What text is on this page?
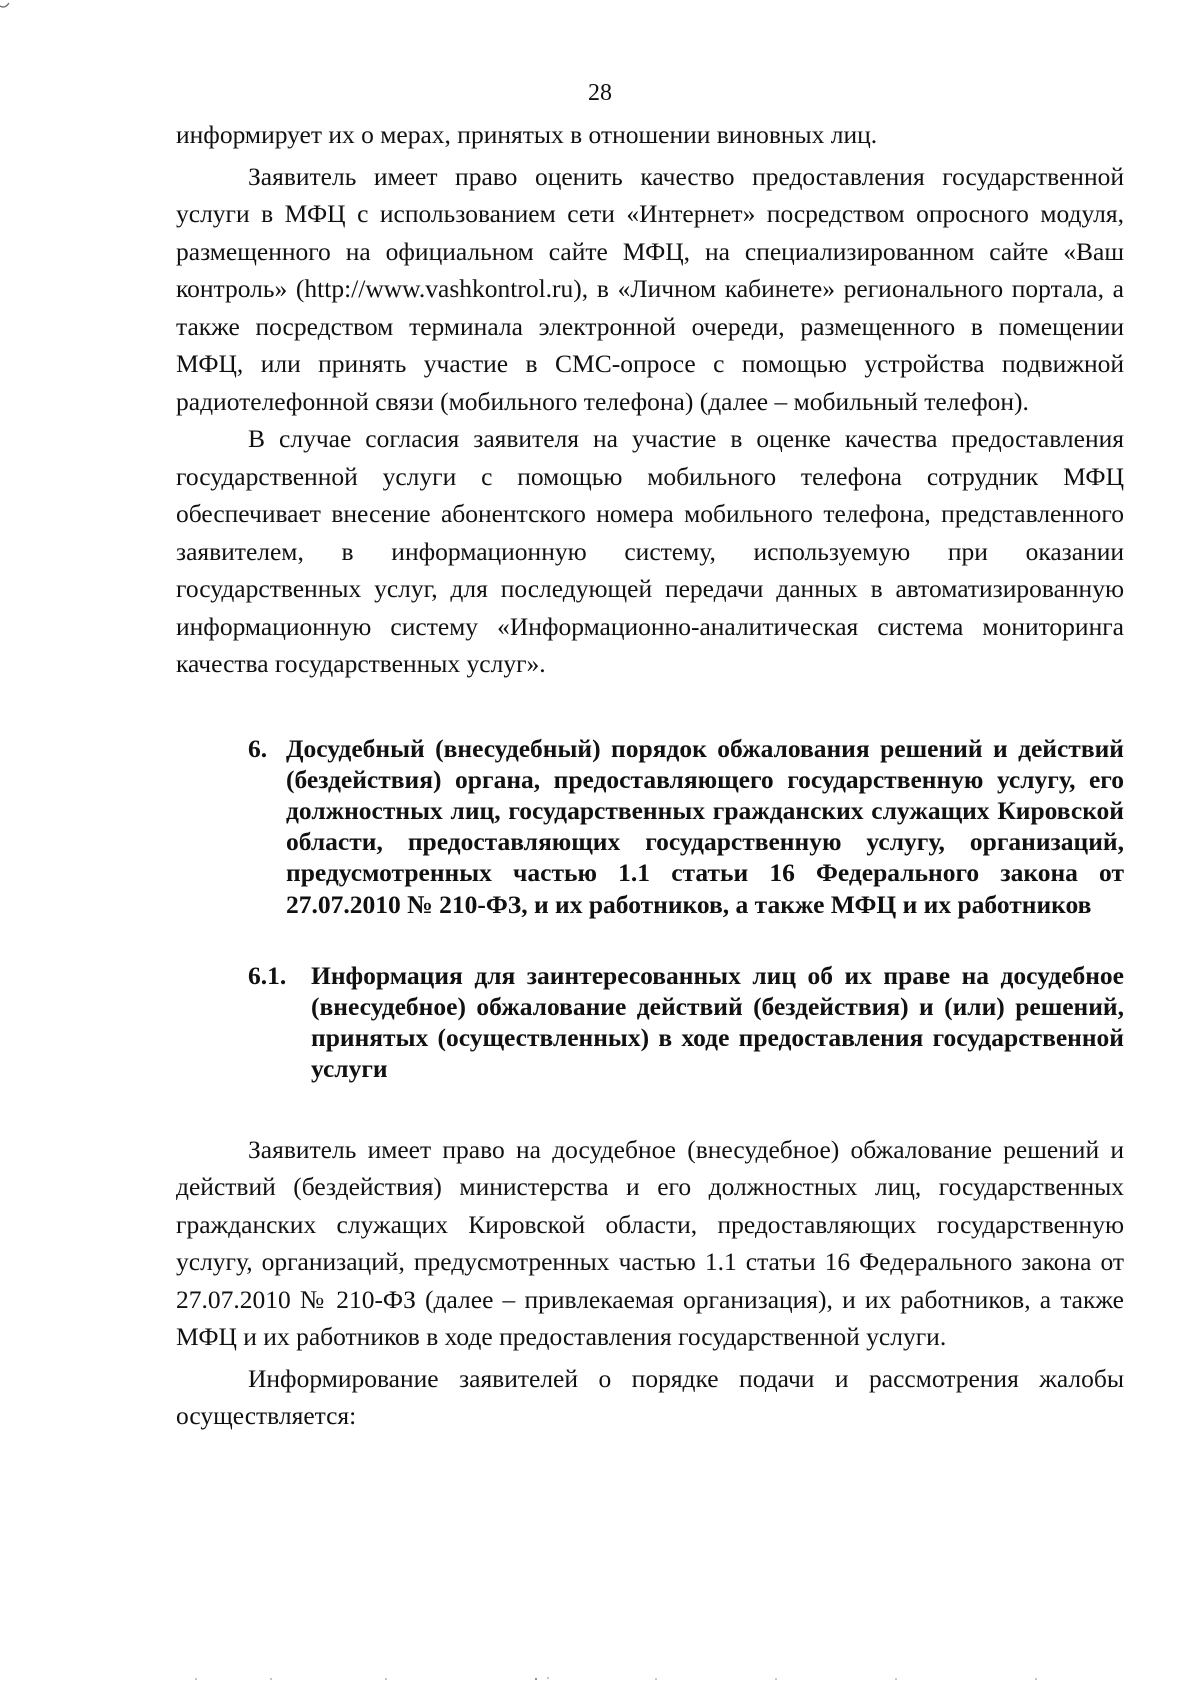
28

информирует их о мерах, принятых в отношении виновных лиц.

Заявитель имеет право оценить качество предоставления государственной услуги в МФЦ с использованием сети «Интернет» посредством опросного модуля, размещенного на официальном сайте МФЦ, на специализированном сайте «Ваш контроль» (http://www.vashkontrol.ru), в «Личном кабинете» регионального портала, а также посредством терминала электронной очереди, размещенного в помещении МФЦ, или принять участие в СМС-опросе с помощью устройства подвижной радиотелефонной связи (мобильного телефона) (далее – мобильный телефон).

В случае согласия заявителя на участие в оценке качества предоставления государственной услуги с помощью мобильного телефона сотрудник МФЦ обеспечивает внесение абонентского номера мобильного телефона, представленного заявителем, в информационную систему, используемую при оказании государственных услуг, для последующей передачи данных в автоматизированную информационную систему «Информационно-аналитическая система мониторинга качества государственных услуг».

6. Досудебный (внесудебный) порядок обжалования решений и действий (бездействия) органа, предоставляющего государственную услугу, его должностных лиц, государственных гражданских служащих Кировской области, предоставляющих государственную услугу, организаций, предусмотренных частью 1.1 статьи 16 Федерального закона от 27.07.2010 № 210-ФЗ, и их работников, а также МФЦ и их работников
6.1. Информация для заинтересованных лиц об их праве на досудебное (внесудебное) обжалование действий (бездействия) и (или) решений, принятых (осуществленных) в ходе предоставления государственной услуги

Заявитель имеет право на досудебное (внесудебное) обжалование решений и действий (бездействия) министерства и его должностных лиц, государственных гражданских служащих Кировской области, предоставляющих государственную услугу, организаций, предусмотренных частью 1.1 статьи 16 Федерального закона от 27.07.2010 № 210-ФЗ (далее – привлекаемая организация), и их работников, а также МФЦ и их работников в ходе предоставления государственной услуги.

Информирование заявителей о порядке подачи и рассмотрения жалобы осуществляется:
